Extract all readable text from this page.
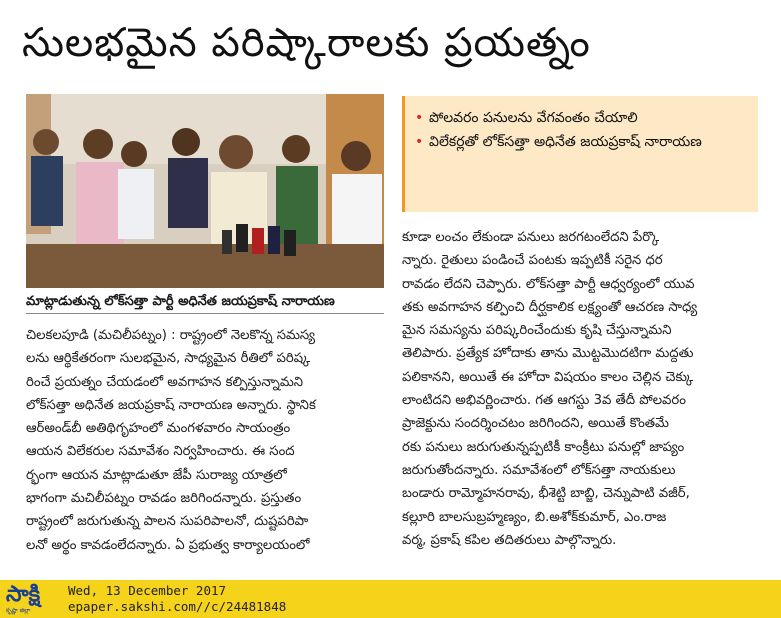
సులభమైన పరిష్కారాలకు ప్రయత్నం
మాట్లాడుతున్న లోక్‌సత్తా పార్టీ అధినేత జయప్రకాష్ నారాయణ
• పోలవరం పనులను వేగవంతం చేయాలి
• విలేకర్లతో లోక్‌సత్తా అధినేత జయప్రకాష్ నారాయణ
చిలకలపూడి (మచిలీపట్నం) : రాష్ట్రంలో నెలకొన్న సమస్య
లను ఆర్థికేతరంగా సులభమైన, సాధ్యమైన రీతిలో పరిష్క
రించే ప్రయత్నం చేయడంలో అవగాహన కల్పిస్తున్నామని
లోక్‌సత్తా అధినేత జయప్రకాష్ నారాయణ అన్నారు. స్థానిక
ఆర్‌అండ్‌బీ అతిథిగృహంలో మంగళవారం సాయంత్రం
ఆయన విలేకరుల సమావేశం నిర్వహించారు. ఈ సంద
ర్భంగా ఆయన మాట్లాడుతూ జేపీ సురాజ్య యాత్రలో
భాగంగా మచిలీపట్నం రావడం జరిగిందన్నారు. ప్రస్తుతం
రాష్ట్రంలో జరుగుతున్న పాలన సుపరిపాలనో, దుష్టపరిపా
లనో అర్థం కావడంలేదన్నారు. ఏ ప్రభుత్వ కార్యాలయంలో
కూడా లంచం లేకుండా పనులు జరగటంలేదని పేర్కొ
న్నారు. రైతులు పండించే పంటకు ఇప్పటికీ సరైన ధర
రావడం లేదని చెప్పారు. లోక్‌సత్తా పార్టీ ఆధ్వర్యంలో యువ
తకు అవగాహన కల్పించి దీర్ఘకాలిక లక్ష్యంతో ఆచరణ సాధ్య
మైన సమస్యను పరిష్కరించేందుకు కృషి చేస్తున్నామని
తెలిపారు. ప్రత్యేక హోదాకు తాను మొట్టమొదటిగా మద్దతు
పలికానని, అయితే ఈ హోదా విషయం కాలం చెల్లిన చెక్కు
లాంటిదని అభివర్ణించారు. గత ఆగస్టు 3వ తేదీ పోలవరం
ప్రాజెక్టును సందర్శించటం జరిగిందని, అయితే కొంతమే
రకు పనులు జరుగుతున్నప్పటికీ కాంక్రీటు పనుల్లో జాప్యం
జరుగుతోందన్నారు. సమావేశంలో లోక్‌సత్తా నాయకులు
బండారు రామ్మోహనరావు, భీశెట్టి బాబ్జి, చెన్నుపాటి వజీర్,
కల్లూరి బాలసుబ్రహ్మణ్యం, బి.అశోక్‌కుమార్, ఎం.రాజ
వర్మ, ప్రకాష్ కపిల తదితరులు పాల్గొన్నారు.
సాక్షి
కృష్ణా జిల్లా
Wed, 13 December 2017
epaper.sakshi.com//c/24481848
